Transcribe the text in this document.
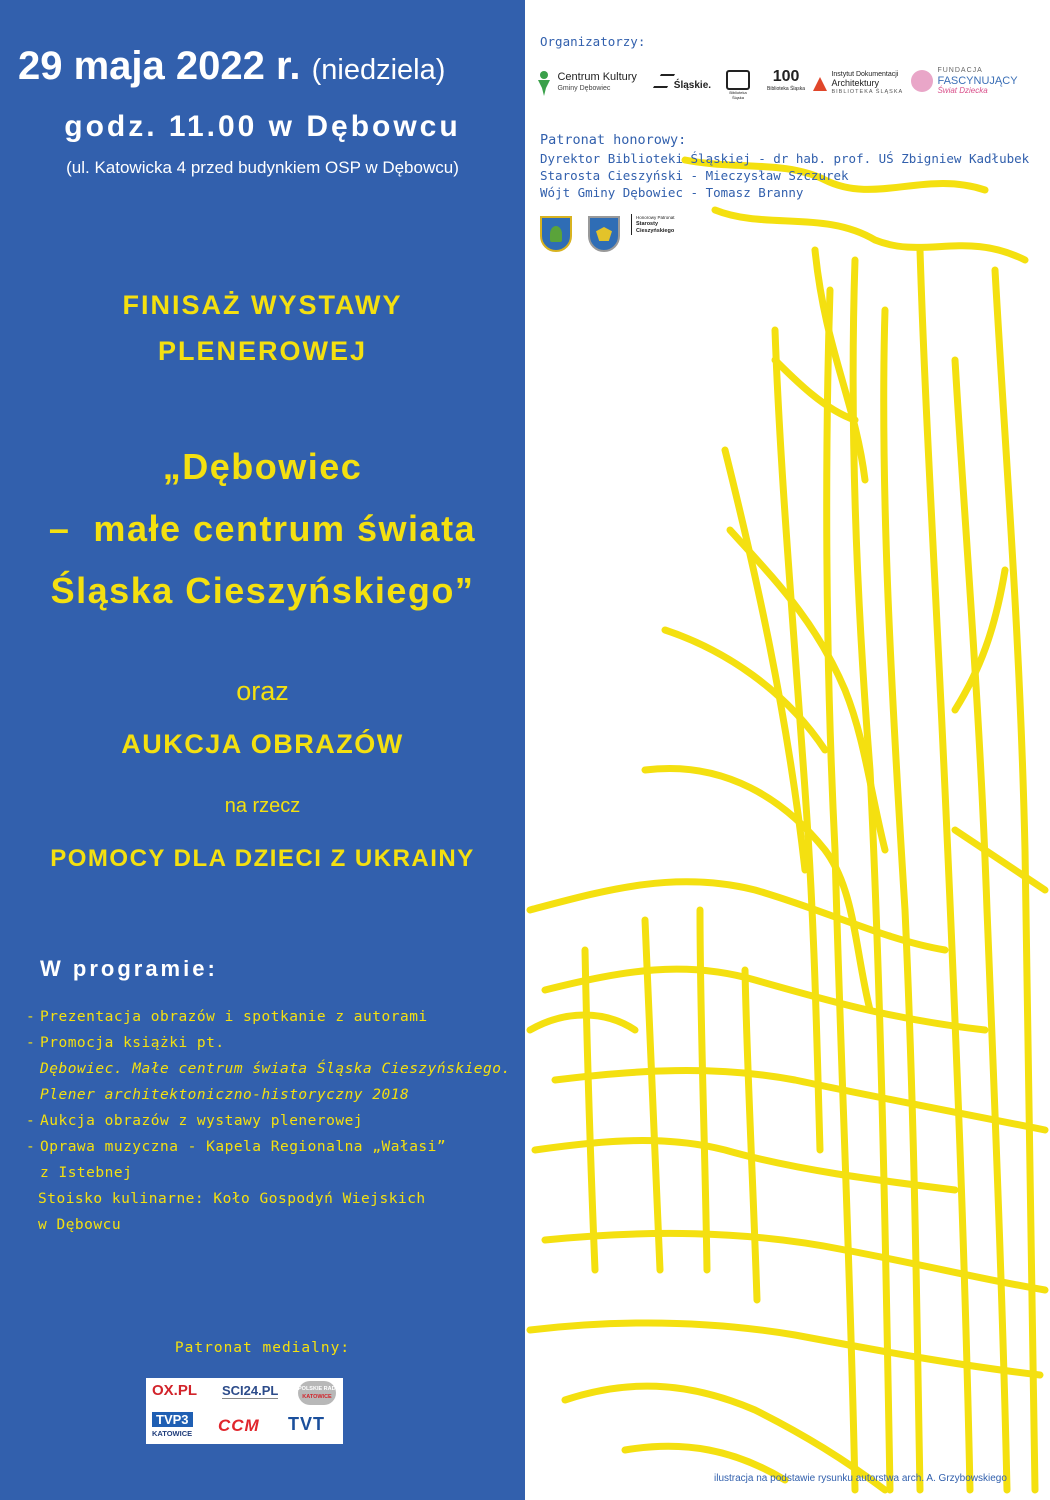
29 maja 2022 r. (niedziela)
godz. 11.00 w Dębowcu
(ul. Katowicka 4 przed budynkiem OSP w Dębowcu)
FINISAŻ WYSTAWY
PLENEROWEJ
„Dębowiec
–  małe centrum świata
Śląska Cieszyńskiego”
oraz
AUKCJA OBRAZÓW
na rzecz
POMOCY DLA DZIECI Z UKRAINY
W programie:
- Prezentacja obrazów i spotkanie z autorami
- Promocja książki pt.
Dębowiec. Małe centrum świata Śląska Cieszyńskiego.
Plener architektoniczno-historyczny 2018
- Aukcja obrazów z wystawy plenerowej
- Oprawa muzyczna - Kapela Regionalna „Wałasi”
z Istebnej
Stoisko kulinarne: Koło Gospodyń Wiejskich
w Dębowcu
Patronat medialny:
OX.PL SCI24.PL	POLSKIE RADIO
KATOWICE
TVP3
KATOWICE CCM TVT
Organizatorzy:

Centrum Kultury
Gminy Dębowiec	Śląskie.
Biblioteka Śląska
100
Biblioteka Śląska

Instytut Dokumentacji
Architektury
BIBLIOTEKA ŚLĄSKA

FUNDACJA
FASCYNUJĄCY
Świat Dziecka
Patronat honorowy:
Dyrektor Biblioteki Śląskiej - dr hab. prof. UŚ Zbigniew Kadłubek
Starosta Cieszyński - Mieczysław Szczurek
Wójt Gminy Dębowiec - Tomasz Branny
Honorowy Patronat
Starosty
Cieszyńskiego
ilustracja na podstawie rysunku autorstwa arch. A. Grzybowskiego
